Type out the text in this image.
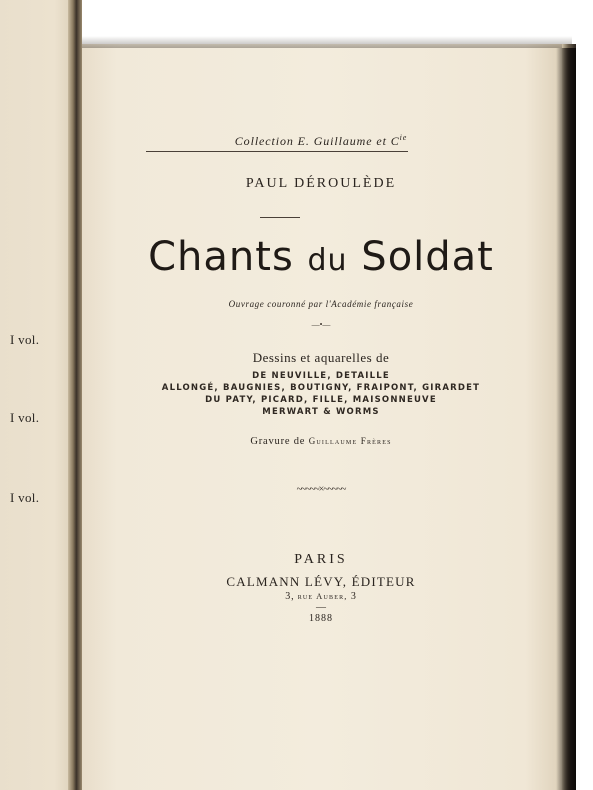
I vol.
I vol.
I vol.
Collection E. Guillaume et $C^{ie}$
PAUL DÉROULÈDE
Chants du Soldat
Ouvrage couronné par l'Académie française
—•—
Dessins et aquarelles de
DE NEUVILLE, DETAILLE
ALLONGÉ, BAUGNIES, BOUTIGNY, FRAIPONT, GIRARDET
DU PATY, PICARD, FILLE, MAISONNEUVE
MERWART & WORMS
Gravure de Guillaume Frères
~~~~~×~~~~~
PARIS
CALMANN LÉVY, ÉDITEUR
3, rue Auber, 3
—
1888
